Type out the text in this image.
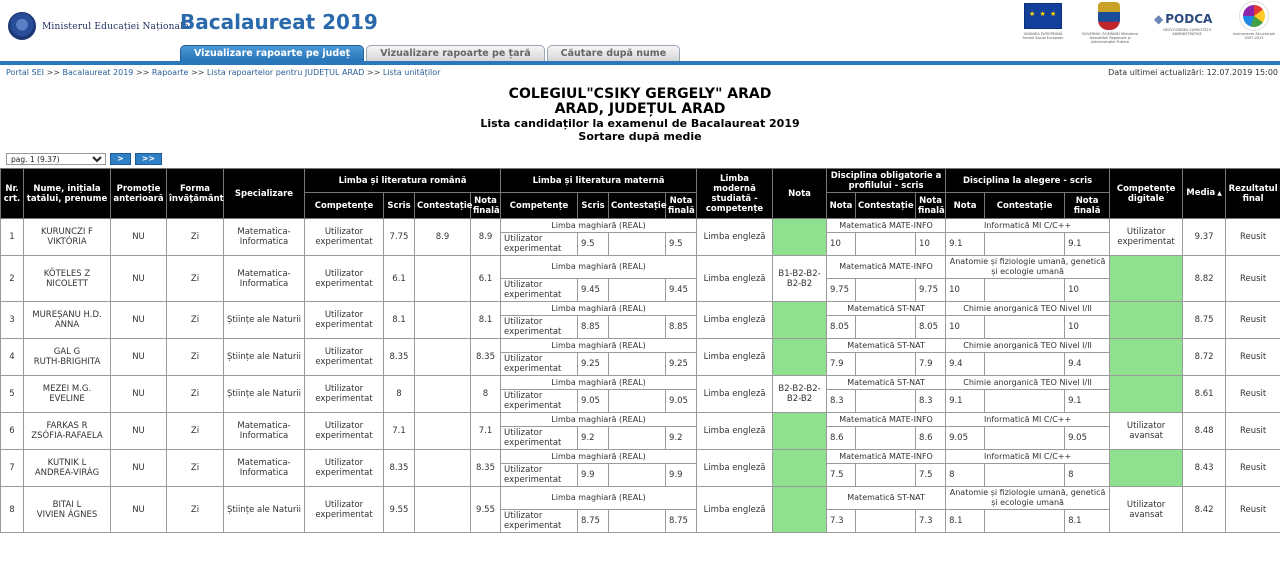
Ministerul Educației Naționale
Bacalaureat 2019
Vizualizare rapoarte pe județ	Vizualizare rapoarte pe țară	Căutare după nume
★ ★ ★
UNIUNEA EUROPEANĂ Fondul Social European
GUVERNUL ROMÂNIEI Ministerul Dezvoltării Regionale și Administrației Publice
◆ PODCA
DEZVOLTAREA CAPACITĂȚII ADMINISTRATIVE	Instrumente Structurale 2007-2013
Portal SEI >> Bacalaureat 2019 >> Rapoarte >> Lista rapoartelor pentru JUDEȚUL ARAD >> Lista unităților	Data ultimei actualizări: 12.07.2019 15:00
COLEGIUL"CSIKY GERGELY" ARAD
ARAD, JUDEȚUL ARAD
Lista candidaților la examenul de Bacalaureat 2019
Sortare după medie
pag. 1 (9.37)
>	>>
Nr. crt.	Nume, inițiala tatălui, prenume	Promoție anterioară	Forma învățământ	Specializare	Limba și literatura română				Limba și literatura maternă				Limba modernă studiată - competențe	Nota	Disciplina obligatorie a profilului - scris			Disciplina la alegere - scris			Competențe digitale	Media ▲	Rezultatul final
					Competențe	Scris	Contestație	Nota finală	Competențe	Scris	Contestație	Nota finală			Nota	Contestație	Nota finală	Nota	Contestație	Nota finală			
1	KURUNCZI F
VIKTÓRIA	NU	Zi	Matematica-Informatica	Utilizator experimentat	7.75	8.9	8.9	Limba maghiară (REAL)				Limba engleză		Matematică MATE-INFO			Informatică MI C/C++			Utilizator experimentat	9.37	Reusit
									Utilizator experimentat	9.5		9.5			10		10	9.1		9.1			
2	KÖTELES Z
NICOLETT	NU	Zi	Matematica-Informatica	Utilizator experimentat	6.1		6.1	Limba maghiară (REAL)				Limba engleză	B1-B2-B2-B2-B2	Matematică MATE-INFO			Anatomie și fiziologie umană, genetică și ecologie umană				8.82	Reusit
									Utilizator experimentat	9.45		9.45			9.75		9.75	10		10			
3	MUREȘANU H.D.
ANNA	NU	Zi	Științe ale Naturii	Utilizator experimentat	8.1		8.1	Limba maghiară (REAL)				Limba engleză		Matematică ST-NAT			Chimie anorganică TEO Nivel I/II				8.75	Reusit
									Utilizator experimentat	8.85		8.85			8.05		8.05	10		10			
4	GAL G
RUTH-BRIGHITA	NU	Zi	Științe ale Naturii	Utilizator experimentat	8.35		8.35	Limba maghiară (REAL)				Limba engleză		Matematică ST-NAT			Chimie anorganică TEO Nivel I/II				8.72	Reusit
									Utilizator experimentat	9.25		9.25			7.9		7.9	9.4		9.4			
5	MEZEI M.G.
EVELINE	NU	Zi	Științe ale Naturii	Utilizator experimentat	8		8	Limba maghiară (REAL)				Limba engleză	B2-B2-B2-B2-B2	Matematică ST-NAT			Chimie anorganică TEO Nivel I/II				8.61	Reusit
									Utilizator experimentat	9.05		9.05			8.3		8.3	9.1		9.1			
6	FARKAS R
ZSÓFIA-RAFAELA	NU	Zi	Matematica-Informatica	Utilizator experimentat	7.1		7.1	Limba maghiară (REAL)				Limba engleză		Matematică MATE-INFO			Informatică MI C/C++			Utilizator avansat	8.48	Reusit
									Utilizator experimentat	9.2		9.2			8.6		8.6	9.05		9.05			
7	KUTNIK L
ANDREA-VIRÁG	NU	Zi	Matematica-Informatica	Utilizator experimentat	8.35		8.35	Limba maghiară (REAL)				Limba engleză		Matematică MATE-INFO			Informatică MI C/C++				8.43	Reusit
									Utilizator experimentat	9.9		9.9			7.5		7.5	8		8			
8	BITAI L
VIVIEN ÁGNES	NU	Zi	Științe ale Naturii	Utilizator experimentat	9.55		9.55	Limba maghiară (REAL)				Limba engleză		Matematică ST-NAT			Anatomie și fiziologie umană, genetică și ecologie umană			Utilizator avansat	8.42	Reusit
									Utilizator experimentat	8.75		8.75			7.3		7.3	8.1		8.1			
